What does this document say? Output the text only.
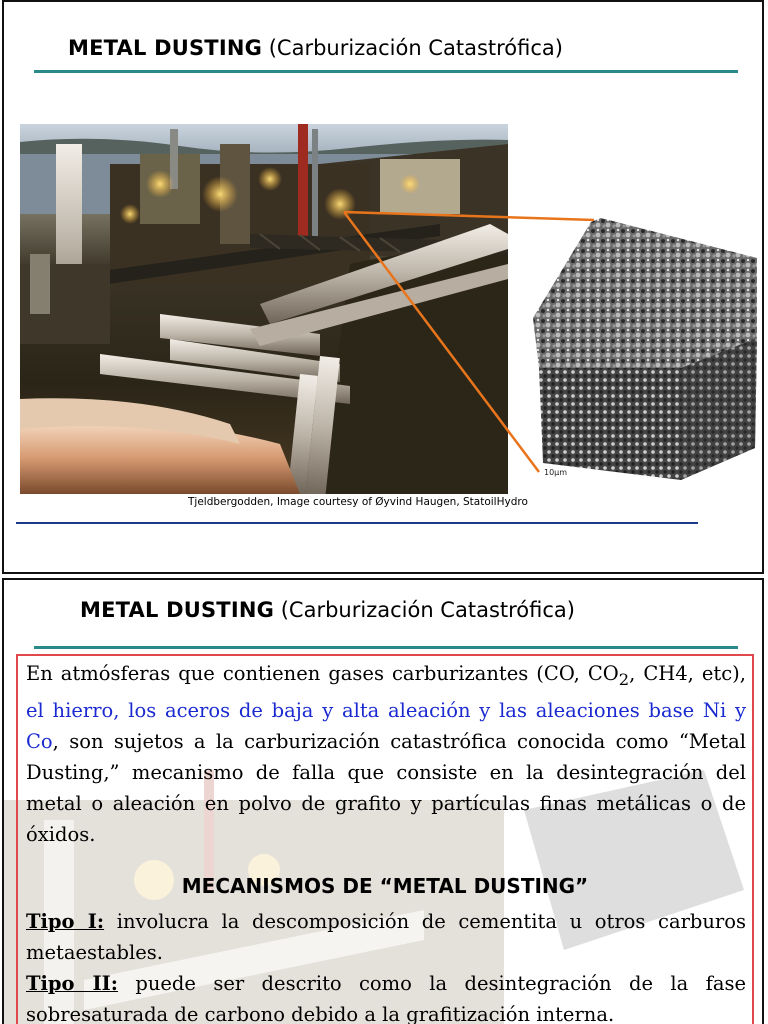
METAL DUSTING (Carburización Catastrófica)
Tjeldbergodden, Image courtesy of Øyvind Haugen, StatoilHydro
10μm
METAL DUSTING (Carburización Catastrófica)
En atmósferas que contienen gases carburizantes (CO, $CO_2$, CH4, etc), el hierro, los aceros de baja y alta aleación y las aleaciones base Ni y Co, son sujetos a la carburización catastrófica conocida como “Metal Dusting,” mecanismo de falla que consiste en la desintegración del metal o aleación en polvo de grafito y partículas finas metálicas o de óxidos.
MECANISMOS DE “METAL DUSTING”
Tipo I: involucra la descomposición de cementita u otros carburos metaestables.
Tipo II: puede ser descrito como la desintegración de la fase sobresaturada de carbono debido a la grafitización interna.
